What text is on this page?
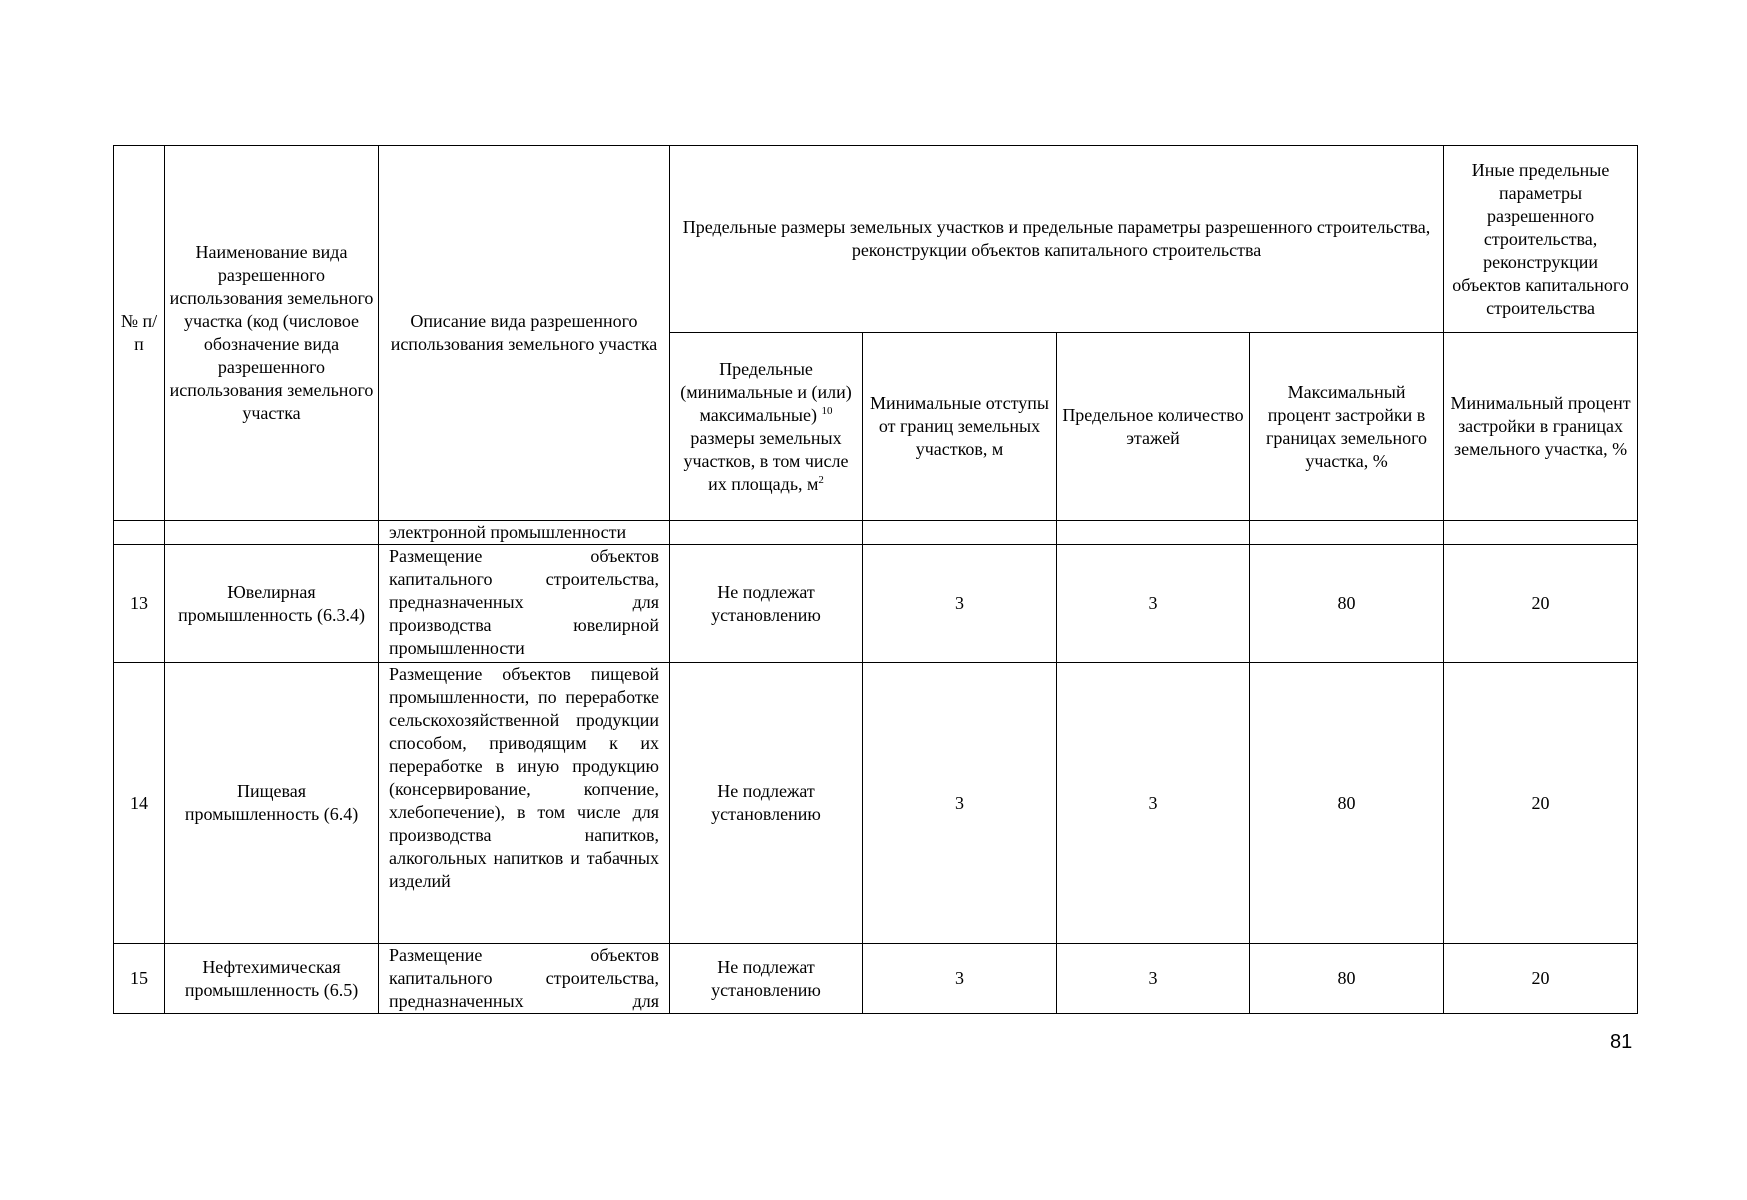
№ п/п	Наименование вида разрешенного использования земельного участка (код (числовое обозначение вида разрешенного использования земельного участка	Описание вида разрешенного использования земельного участка	Предельные размеры земельных участков и предельные параметры разрешенного строительства, реконструкции объектов капитального строительства				Иные предельные параметры разрешенного строительства, реконструкции объектов капитального строительства
			Предельные (минимальные и (или) максимальные) $^{10}$ размеры земельных участков, в том числе их площадь, $м^2$	Минимальные отступы от границ земельных участков, м	Предельное количество этажей	Максимальный процент застройки в границах земельного участка, %	Минимальный процент застройки в границах земельного участка, %
		электронной промышленности					
13	Ювелирная промышленность (6.3.4)	Размещение объектов капитального строительства, предназначенных для производства ювелирной промышленности	Не подлежат установлению	3	3	80	20
14	Пищевая промышленность (6.4)	Размещение объектов пищевой промышленности, по переработке сельскохозяйственной продукции способом, приводящим к их переработке в иную продукцию (консервирование, копчение, хлебопечение), в том числе для производства напитков, алкогольных напитков и табачных изделий	Не подлежат установлению	3	3	80	20
15	Нефтехимическая промышленность (6.5)	Размещение объектов капитального строительства, предназначенных для	Не подлежат установлению	3	3	80	20
81
